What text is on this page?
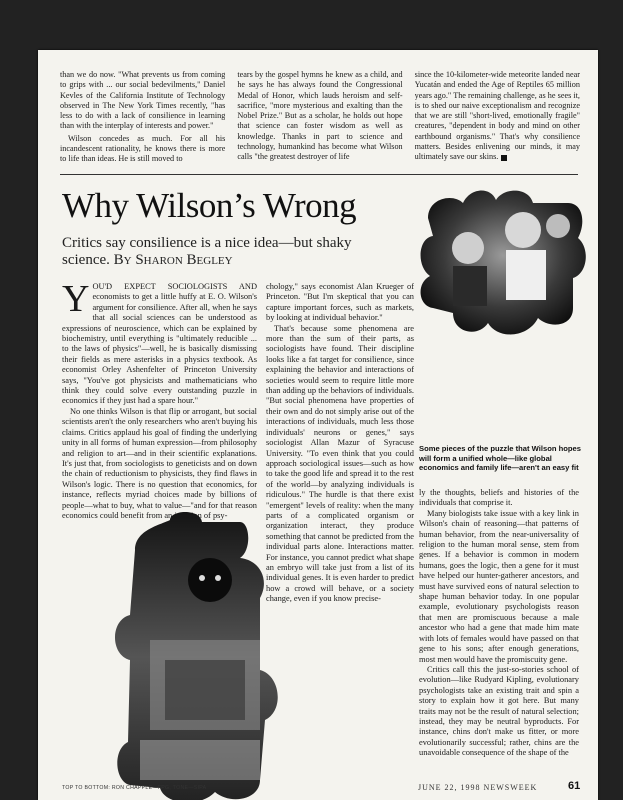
than we do now. "What prevents us from coming to grips with ... our social bedevilments," Daniel Kevles of the California Institute of Technology observed in The New York Times recently, "has less to do with a lack of consilience in learning than with the interplay of interests and power."

Wilson concedes as much. For all his incandescent rationality, he knows there is more to life than ideas. He is still moved to

tears by the gospel hymns he knew as a child, and he says he has always found the Congressional Medal of Honor, which lauds heroism and self-sacrifice, "more mysterious and exalting than the Nobel Prize." But as a scholar, he holds out hope that science can foster wisdom as well as knowledge. Thanks in part to science and technology, humankind has become what Wilson calls "the greatest destroyer of life

since the 10-kilometer-wide meteorite landed near Yucatán and ended the Age of Reptiles 65 million years ago." The remaining challenge, as he sees it, is to shed our naive exceptionalism and recognize that we are still "short-lived, emotionally fragile" creatures, "dependent in body and mind on other earthbound organisms." That's why consilience matters. Besides enlivening our minds, it may ultimately save our skins.

Why Wilson’s Wrong
Critics say consilience is a nice idea—but shaky science. By Sharon Begley

YOU'D EXPECT SOCIOLOGISTS AND economists to get a little huffy at E. O. Wilson's argument for consilience. After all, when he says that all social sciences can be understood as expressions of neuroscience, which can be explained by biochemistry, until everything is "ultimately reducible ... to the laws of physics"—well, he is basically dismissing their fields as mere asterisks in a physics textbook. As economist Orley Ashenfelter of Princeton University says, "You've got physicists and mathematicians who think they could solve every outstanding puzzle in economics if they just had a spare hour."

No one thinks Wilson is that flip or arrogant, but social scientists aren't the only researchers who aren't buying his claims. Critics applaud his goal of finding the underlying unity in all forms of human expression—from philosophy and religion to art—and in their scientific explanations. It's just that, from sociologists to geneticists and on down the chain of reductionism to physicists, they find flaws in Wilson's logic. There is no question that economics, for instance, reflects myriad choices made by billions of people—what to buy, what to value—"and for that reason economics could benefit from an infusion of psy-

chology," says economist Alan Krueger of Princeton. "But I'm skeptical that you can capture important forces, such as markets, by looking at individual behavior."

That's because some phenomena are more than the sum of their parts, as sociologists have found. Their discipline looks like a fat target for consilience, since explaining the behavior and interactions of societies would seem to require little more than adding up the behaviors of individuals. "But social phenomena have properties of their own and do not simply arise out of the interactions of individuals, much less those individuals' neurons or genes," says sociologist Allan Mazur of Syracuse University. "To even think that you could approach sociological issues—such as how to take the good life and spread it to the rest of the world—by analyzing individuals is ridiculous." The hurdle is that there exist "emergent" levels of reality: when the many parts of a complicated organism or organization interact, they produce something that cannot be predicted from the individual parts alone. Interactions matter. For instance, you cannot predict what shape an embryo will take just from a list of its individual genes. It is even harder to predict how a crowd will behave, or a society change, even if you know precise-

Some pieces of the puzzle that Wilson hopes will form a unified whole—like global economics and family life—aren't an easy fit

ly the thoughts, beliefs and histories of the individuals that comprise it.

Many biologists take issue with a key link in Wilson's chain of reasoning—that patterns of human behavior, from the near-universality of religion to the human moral sense, stem from genes. If a behavior is common in modern humans, goes the logic, then a gene for it must have helped our hunter-gatherer ancestors, and must have survived eons of natural selection to shape human behavior today. In one popular example, evolutionary psychologists reason that men are promiscuous because a male ancestor who had a gene that made him mate with lots of females would have passed on that gene to his sons; after enough generations, most men would have the promiscuity gene.

Critics call this the just-so-stories school of evolution—like Rudyard Kipling, evolutionary psychologists take an existing trait and spin a story to explain how it got here. But many traits may not be the result of natural selection; instead, they may be neutral byproducts. For instance, chins don't make us fitter, or more evolutionarily successful; rather, chins are the unavoidable consequence of the shape of the

TOP TO BOTTOM: RON CHAPPLE—FPG, TONE—SIPA	JUNE 22, 1998 NEWSWEEK	61
